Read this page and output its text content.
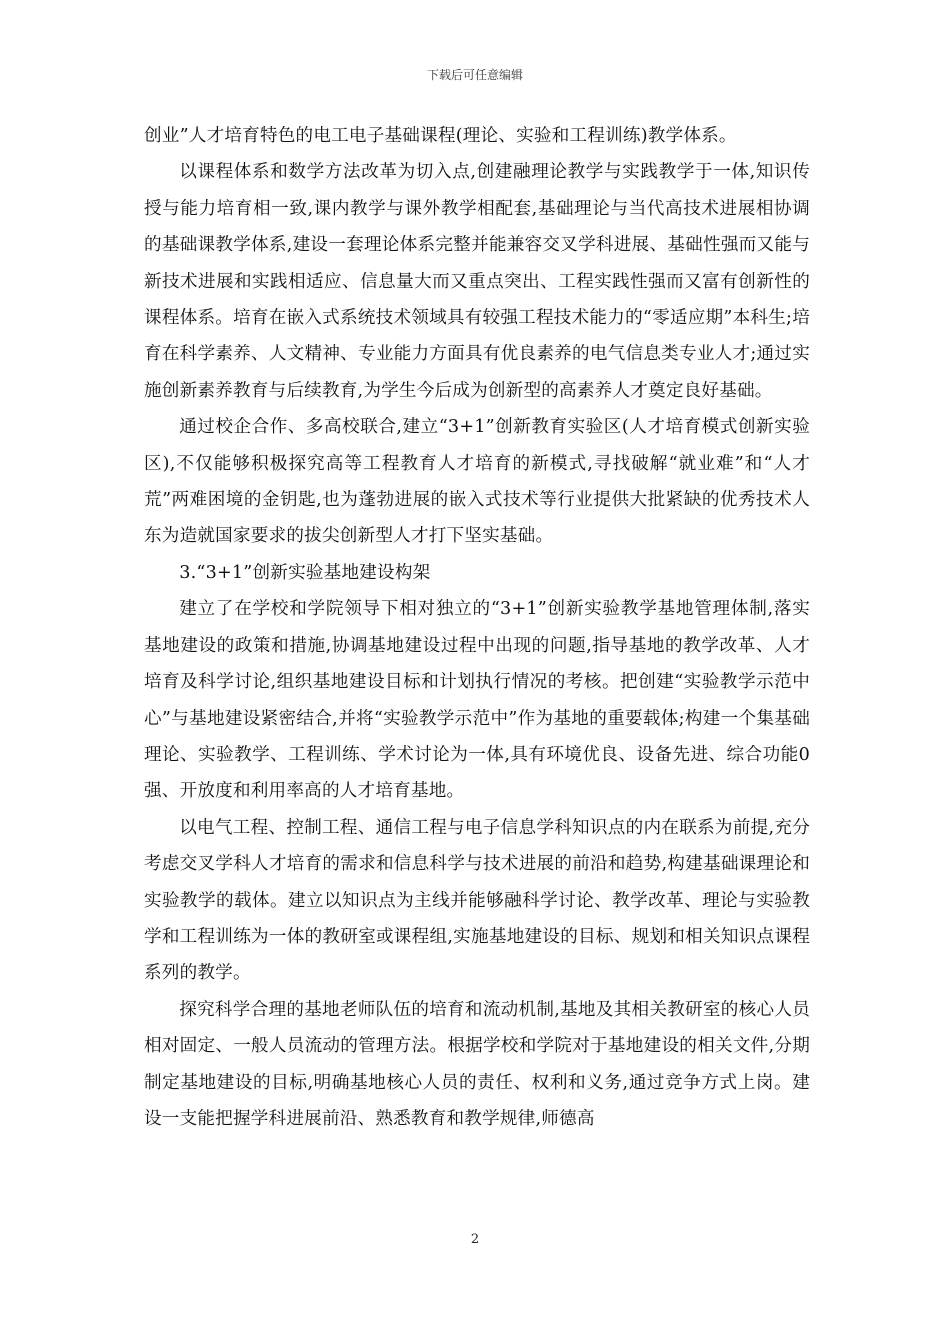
下载后可任意编辑

创业”人才培育特色的电工电子基础课程(理论、实验和工程训练)教学体系。

以课程体系和数学方法改革为切入点,创建融理论教学与实践教学于一体,知识传授与能力培育相一致,课内教学与课外教学相配套,基础理论与当代高技术进展相协调的基础课教学体系,建设一套理论体系完整并能兼容交叉学科进展、基础性强而又能与新技术进展和实践相适应、信息量大而又重点突出、工程实践性强而又富有创新性的课程体系。培育在嵌入式系统技术领域具有较强工程技术能力的“零适应期”本科生;培育在科学素养、人文精神、专业能力方面具有优良素养的电气信息类专业人才;通过实施创新素养教育与后续教育,为学生今后成为创新型的高素养人才奠定良好基础。

通过校企合作、多高校联合,建立“3+1”创新教育实验区(人才培育模式创新实验区),不仅能够积极探究高等工程教育人才培育的新模式,寻找破解“就业难”和“人才荒”两难困境的金钥匙,也为蓬勃进展的嵌入式技术等行业提供大批紧缺的优秀技术人东为造就国家要求的拔尖创新型人才打下坚实基础。

3.“3+1”创新实验基地建设构架

建立了在学校和学院领导下相对独立的“3+1”创新实验教学基地管理体制,落实基地建设的政策和措施,协调基地建设过程中出现的问题,指导基地的教学改革、人才培育及科学讨论,组织基地建设目标和计划执行情况的考核。把创建“实验教学示范中心”与基地建设紧密结合,并将“实验教学示范中”作为基地的重要载体;构建一个集基础理论、实验教学、工程训练、学术讨论为一体,具有环境优良、设备先进、综合功能0强、开放度和利用率高的人才培育基地。

以电气工程、控制工程、通信工程与电子信息学科知识点的内在联系为前提,充分考虑交叉学科人才培育的需求和信息科学与技术进展的前沿和趋势,构建基础课理论和实验教学的载体。建立以知识点为主线并能够融科学讨论、教学改革、理论与实验教学和工程训练为一体的教研室或课程组,实施基地建设的目标、规划和相关知识点课程系列的教学。

探究科学合理的基地老师队伍的培育和流动机制,基地及其相关教研室的核心人员相对固定、一般人员流动的管理方法。根据学校和学院对于基地建设的相关文件,分期制定基地建设的目标,明确基地核心人员的责任、权利和义务,通过竞争方式上岗。建设一支能把握学科进展前沿、熟悉教育和教学规律,师德高

2
